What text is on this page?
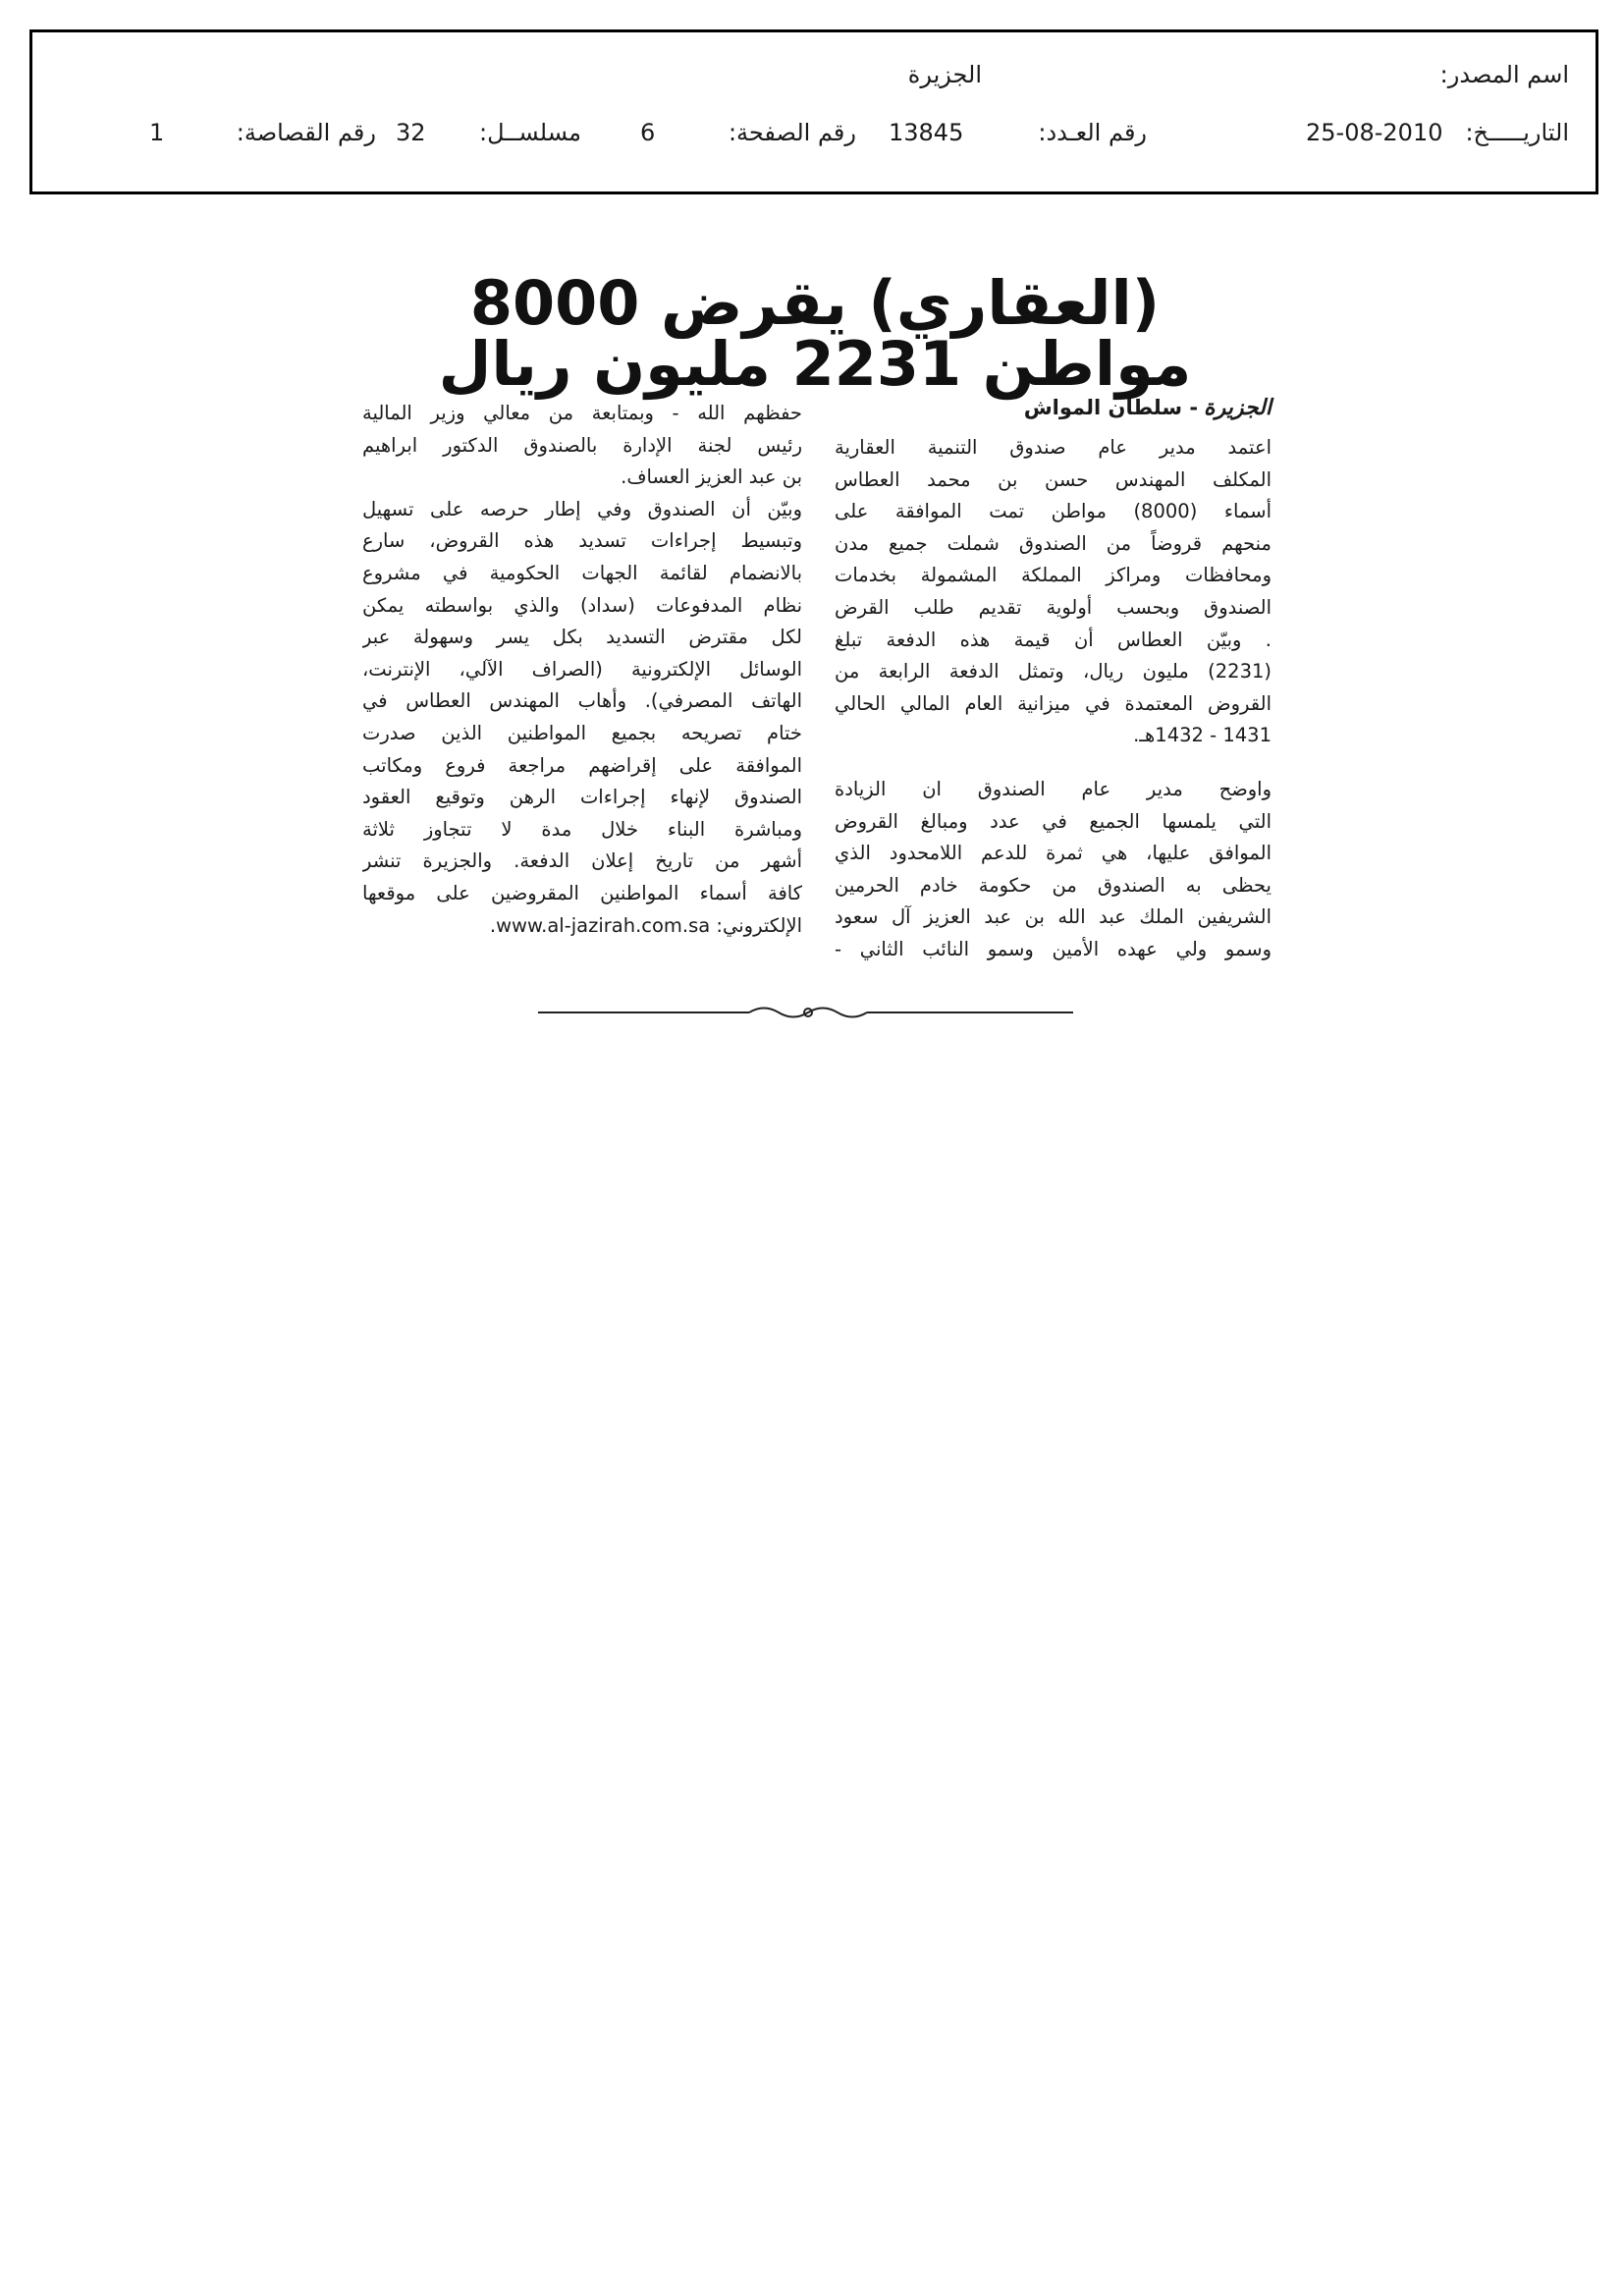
اسم المصدر:
الجزيرة
التاريـــــخ:
25-08-2010
رقم العـدد:
13845
رقم الصفحة:
6
مسلســل:
32
رقم القصاصة:
1
(العقاري) يقرض 8000 مواطن 2231 مليون ريال
الجزيرة- سلطان المواش
اعتمد مدير عام صندوق التنمية العقارية
المكلف المهندس حسن بن محمد العطاس
أسماء (8000) مواطن تمت الموافقة على
منحهم قروضاً من الصندوق شملت جميع مدن
ومحافظات ومراكز المملكة المشمولة بخدمات
الصندوق وبحسب أولوية تقديم طلب القرض
. وبيّن العطاس أن قيمة هذه الدفعة تبلغ
(2231) مليون ريال، وتمثل الدفعة الرابعة من
القروض المعتمدة في ميزانية العام المالي الحالي
1431 - 1432هـ.
واوضح مدير عام الصندوق ان الزيادة
التي يلمسها الجميع في عدد ومبالغ القروض
الموافق عليها، هي ثمرة للدعم اللامحدود الذي
يحظى به الصندوق من حكومة خادم الحرمين
الشريفين الملك عبد الله بن عبد العزيز آل سعود
وسمو ولي عهده الأمين وسمو النائب الثاني -
حفظهم الله - وبمتابعة من معالي وزير المالية
رئيس لجنة الإدارة بالصندوق الدكتور ابراهيم
بن عبد العزيز العساف.
وبيّن أن الصندوق وفي إطار حرصه على تسهيل
وتبسيط إجراءات تسديد هذه القروض، سارع
بالانضمام لقائمة الجهات الحكومية في مشروع
نظام المدفوعات (سداد) والذي بواسطته يمكن
لكل مقترض التسديد بكل يسر وسهولة عبر
الوسائل الإلكترونية (الصراف الآلي، الإنترنت،
الهاتف المصرفي). وأهاب المهندس العطاس في
ختام تصريحه بجميع المواطنين الذين صدرت
الموافقة على إقراضهم مراجعة فروع ومكاتب
الصندوق لإنهاء إجراءات الرهن وتوقيع العقود
ومباشرة البناء خلال مدة لا تتجاوز ثلاثة
أشهر من تاريخ إعلان الدفعة. والجزيرة تنشر
كافة أسماء المواطنين المقروضين على موقعها
الإلكتروني: www.al-jazirah.com.sa.
